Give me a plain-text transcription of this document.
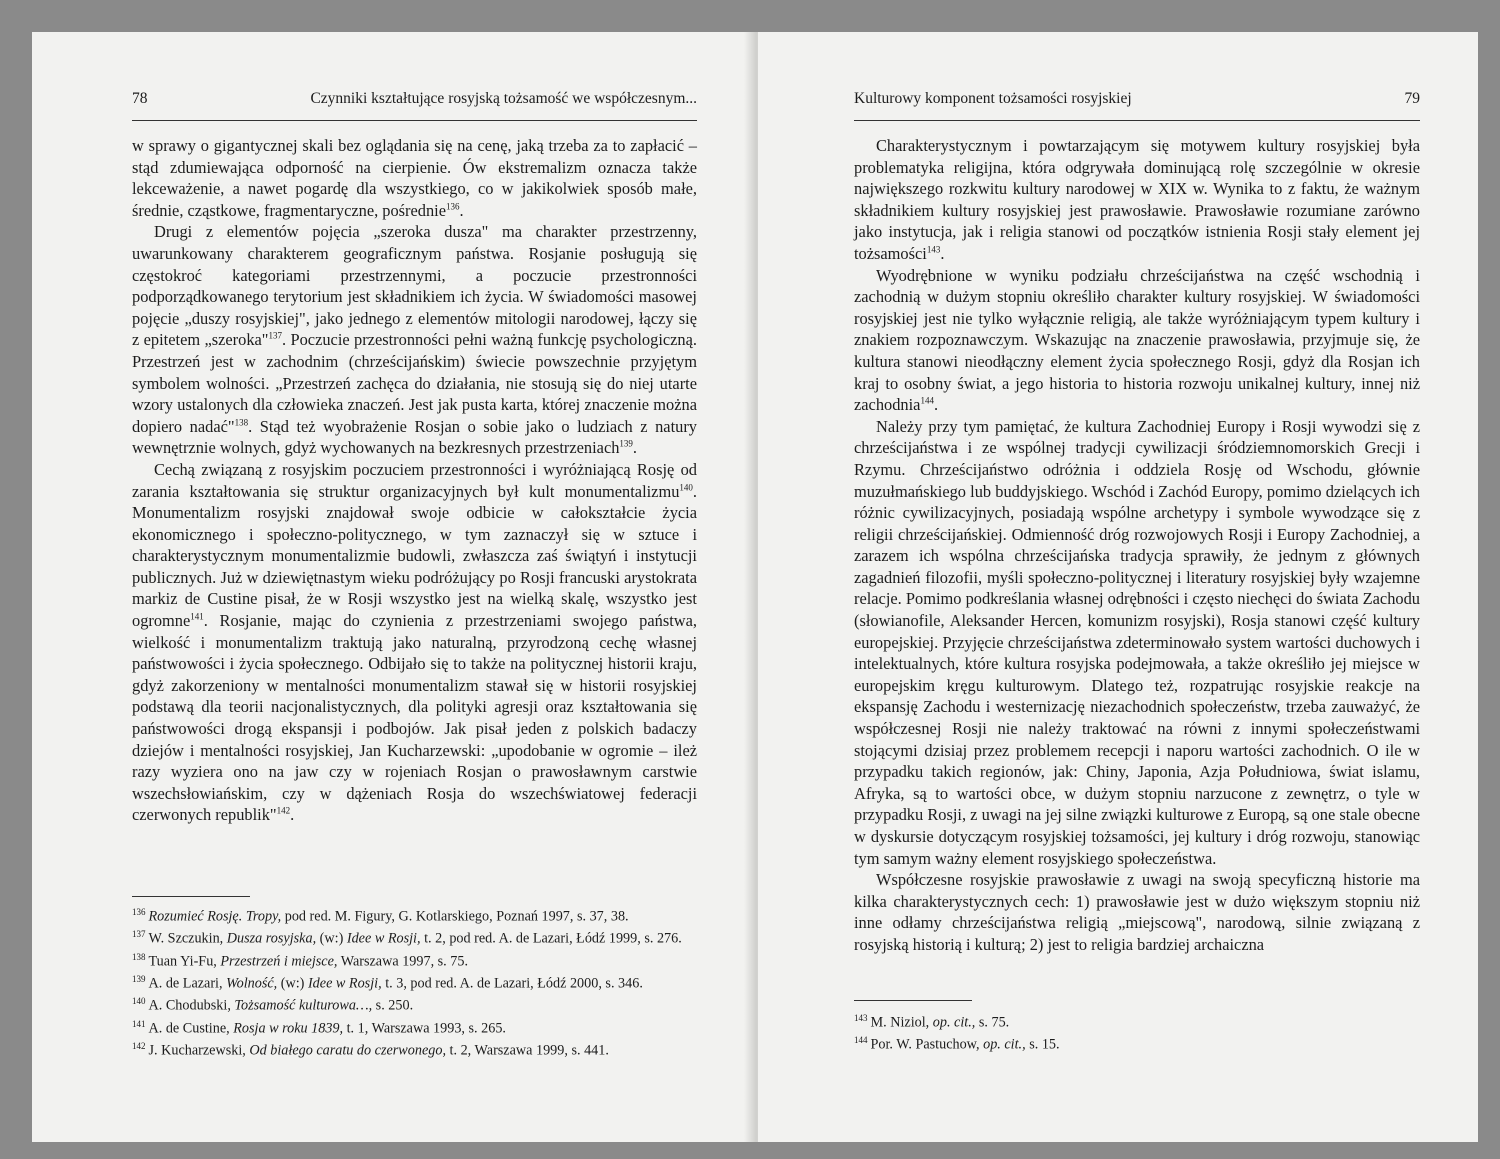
78	Czynniki kształtujące rosyjską tożsamość we współczesnym...

w sprawy o gigantycznej skali bez oglądania się na cenę, jaką trzeba za to zapłacić – stąd zdumiewająca odporność na cierpienie. Ów ekstremalizm oznacza także lekceważenie, a nawet pogardę dla wszystkiego, co w jakikolwiek sposób małe, średnie, cząstkowe, fragmentaryczne, pośrednie$^{136}$.

Drugi z elementów pojęcia „szeroka dusza" ma charakter przestrzenny, uwarunkowany charakterem geograficznym państwa. Rosjanie posługują się częstokroć kategoriami przestrzennymi, a poczucie przestronności podporządkowanego terytorium jest składnikiem ich życia. W świadomości masowej pojęcie „duszy rosyjskiej", jako jednego z elementów mitologii narodowej, łączy się z epitetem „szeroka"$^{137}$. Poczucie przestronności pełni ważną funkcję psychologiczną. Przestrzeń jest w zachodnim (chrześcijańskim) świecie powszechnie przyjętym symbolem wolności. „Przestrzeń zachęca do działania, nie stosują się do niej utarte wzory ustalonych dla człowieka znaczeń. Jest jak pusta karta, której znaczenie można dopiero nadać"$^{138}$. Stąd też wyobrażenie Rosjan o sobie jako o ludziach z natury wewnętrznie wolnych, gdyż wychowanych na bezkresnych przestrzeniach$^{139}$.

Cechą związaną z rosyjskim poczuciem przestronności i wyróżniającą Rosję od zarania kształtowania się struktur organizacyjnych był kult monumentalizmu$^{140}$. Monumentalizm rosyjski znajdował swoje odbicie w całokształcie życia ekonomicznego i społeczno-politycznego, w tym zaznaczył się w sztuce i charakterystycznym monumentalizmie budowli, zwłaszcza zaś świątyń i instytucji publicznych. Już w dziewiętnastym wieku podróżujący po Rosji francuski arystokrata markiz de Custine pisał, że w Rosji wszystko jest na wielką skalę, wszystko jest ogromne$^{141}$. Rosjanie, mając do czynienia z przestrzeniami swojego państwa, wielkość i monumentalizm traktują jako naturalną, przyrodzoną cechę własnej państwowości i życia społecznego. Odbijało się to także na politycznej historii kraju, gdyż zakorzeniony w mentalności monumentalizm stawał się w historii rosyjskiej podstawą dla teorii nacjonalistycznych, dla polityki agresji oraz kształtowania się państwowości drogą ekspansji i podbojów. Jak pisał jeden z polskich badaczy dziejów i mentalności rosyjskiej, Jan Kucharzewski: „upodobanie w ogromie – ileż razy wyziera ono na jaw czy w rojeniach Rosjan o prawosławnym carstwie wszechsłowiańskim, czy w dążeniach Rosja do wszechświatowej federacji czerwonych republik"$^{142}$.

$^{136}$ Rozumieć Rosję. Tropy, pod red. M. Figury, G. Kotlarskiego, Poznań 1997, s. 37, 38.
$^{137}$ W. Szczukin, Dusza rosyjska, (w:) Idee w Rosji, t. 2, pod red. A. de Lazari, Łódź 1999, s. 276.
$^{138}$ Tuan Yi-Fu, Przestrzeń i miejsce, Warszawa 1997, s. 75.
$^{139}$ A. de Lazari, Wolność, (w:) Idee w Rosji, t. 3, pod red. A. de Lazari, Łódź 2000, s. 346.
$^{140}$ A. Chodubski, Tożsamość kulturowa…, s. 250.
$^{141}$ A. de Custine, Rosja w roku 1839, t. 1, Warszawa 1993, s. 265.
$^{142}$ J. Kucharzewski, Od białego caratu do czerwonego, t. 2, Warszawa 1999, s. 441.
Kulturowy komponent tożsamości rosyjskiej	79

Charakterystycznym i powtarzającym się motywem kultury rosyjskiej była problematyka religijna, która odgrywała dominującą rolę szczególnie w okresie największego rozkwitu kultury narodowej w XIX w. Wynika to z faktu, że ważnym składnikiem kultury rosyjskiej jest prawosławie. Prawosławie rozumiane zarówno jako instytucja, jak i religia stanowi od początków istnienia Rosji stały element jej tożsamości$^{143}$.

Wyodrębnione w wyniku podziału chrześcijaństwa na część wschodnią i zachodnią w dużym stopniu określiło charakter kultury rosyjskiej. W świadomości rosyjskiej jest nie tylko wyłącznie religią, ale także wyróżniającym typem kultury i znakiem rozpoznawczym. Wskazując na znaczenie prawosławia, przyjmuje się, że kultura stanowi nieodłączny element życia społecznego Rosji, gdyż dla Rosjan ich kraj to osobny świat, a jego historia to historia rozwoju unikalnej kultury, innej niż zachodnia$^{144}$.

Należy przy tym pamiętać, że kultura Zachodniej Europy i Rosji wywodzi się z chrześcijaństwa i ze wspólnej tradycji cywilizacji śródziemnomorskich Grecji i Rzymu. Chrześcijaństwo odróżnia i oddziela Rosję od Wschodu, głównie muzułmańskiego lub buddyjskiego. Wschód i Zachód Europy, pomimo dzielących ich różnic cywilizacyjnych, posiadają wspólne archetypy i symbole wywodzące się z religii chrześcijańskiej. Odmienność dróg rozwojowych Rosji i Europy Zachodniej, a zarazem ich wspólna chrześcijańska tradycja sprawiły, że jednym z głównych zagadnień filozofii, myśli społeczno-politycznej i literatury rosyjskiej były wzajemne relacje. Pomimo podkreślania własnej odrębności i często niechęci do świata Zachodu (słowianofile, Aleksander Hercen, komunizm rosyjski), Rosja stanowi część kultury europejskiej. Przyjęcie chrześcijaństwa zdeterminowało system wartości duchowych i intelektualnych, które kultura rosyjska podejmowała, a także określiło jej miejsce w europejskim kręgu kulturowym. Dlatego też, rozpatrując rosyjskie reakcje na ekspansję Zachodu i westernizację niezachodnich społeczeństw, trzeba zauważyć, że współczesnej Rosji nie należy traktować na równi z innymi społeczeństwami stojącymi dzisiaj przez problemem recepcji i naporu wartości zachodnich. O ile w przypadku takich regionów, jak: Chiny, Japonia, Azja Południowa, świat islamu, Afryka, są to wartości obce, w dużym stopniu narzucone z zewnętrz, o tyle w przypadku Rosji, z uwagi na jej silne związki kulturowe z Europą, są one stale obecne w dyskursie dotyczącym rosyjskiej tożsamości, jej kultury i dróg rozwoju, stanowiąc tym samym ważny element rosyjskiego społeczeństwa.

Współczesne rosyjskie prawosławie z uwagi na swoją specyficzną historie ma kilka charakterystycznych cech: 1) prawosławie jest w dużo większym stopniu niż inne odłamy chrześcijaństwa religią „miejscową", narodową, silnie związaną z rosyjską historią i kulturą; 2) jest to religia bardziej archaiczna

$^{143}$ M. Niziol, op. cit., s. 75.
$^{144}$ Por. W. Pastuchow, op. cit., s. 15.
